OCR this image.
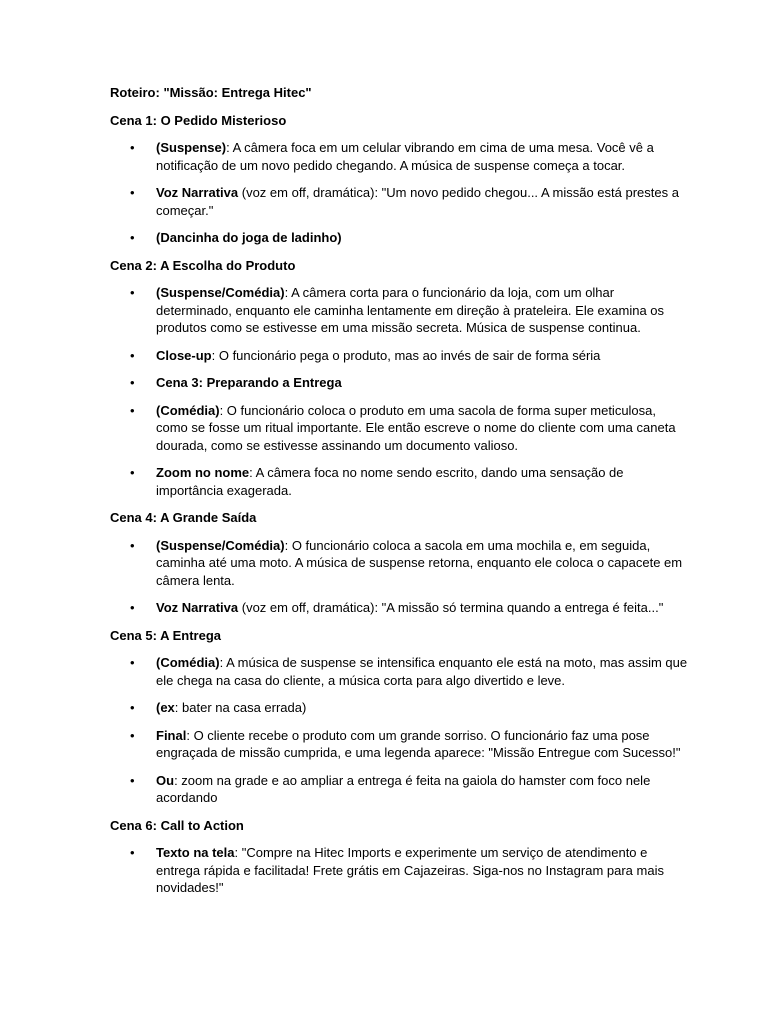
Roteiro: "Missão: Entrega Hitec"
Cena 1: O Pedido Misterioso
• (Suspense): A câmera foca em um celular vibrando em cima de uma mesa. Você vê a notificação de um novo pedido chegando. A música de suspense começa a tocar.
• Voz Narrativa (voz em off, dramática): "Um novo pedido chegou... A missão está prestes a começar."
• (Dancinha do joga de ladinho)
Cena 2: A Escolha do Produto
• (Suspense/Comédia): A câmera corta para o funcionário da loja, com um olhar determinado, enquanto ele caminha lentamente em direção à prateleira. Ele examina os produtos como se estivesse em uma missão secreta. Música de suspense continua.
• Close-up: O funcionário pega o produto, mas ao invés de sair de forma séria
• Cena 3: Preparando a Entrega
• (Comédia): O funcionário coloca o produto em uma sacola de forma super meticulosa, como se fosse um ritual importante. Ele então escreve o nome do cliente com uma caneta dourada, como se estivesse assinando um documento valioso.
• Zoom no nome: A câmera foca no nome sendo escrito, dando uma sensação de importância exagerada.
Cena 4: A Grande Saída
• (Suspense/Comédia): O funcionário coloca a sacola em uma mochila e, em seguida, caminha até uma moto. A música de suspense retorna, enquanto ele coloca o capacete em câmera lenta.
• Voz Narrativa (voz em off, dramática): "A missão só termina quando a entrega é feita..."
Cena 5: A Entrega
• (Comédia): A música de suspense se intensifica enquanto ele está na moto, mas assim que ele chega na casa do cliente, a música corta para algo divertido e leve.
• (ex: bater na casa errada)
• Final: O cliente recebe o produto com um grande sorriso. O funcionário faz uma pose engraçada de missão cumprida, e uma legenda aparece: "Missão Entregue com Sucesso!"
• Ou: zoom na grade e ao ampliar a entrega é feita na gaiola do hamster com foco nele acordando
Cena 6: Call to Action
• Texto na tela: "Compre na Hitec Imports e experimente um serviço de atendimento e entrega rápida e facilitada! Frete grátis em Cajazeiras. Siga-nos no Instagram para mais novidades!"
